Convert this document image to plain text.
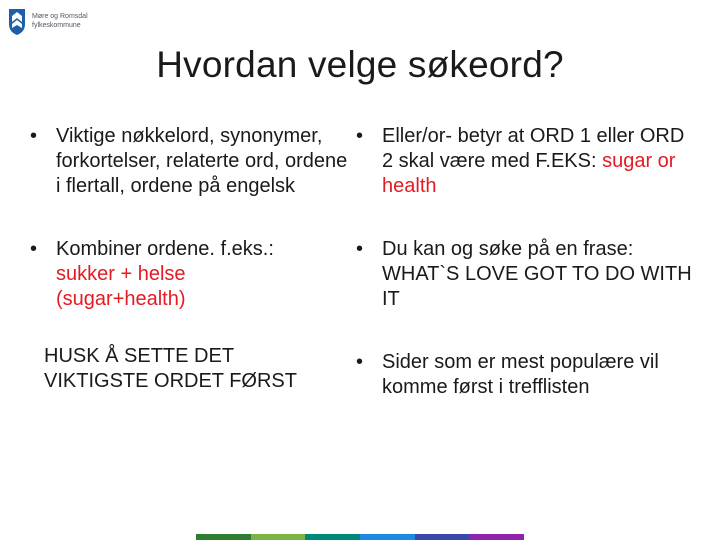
Møre og Romsdal
fylkeskommune
Hvordan velge søkeord?
•
Viktige nøkkelord, synonymer, forkortelser, relaterte ord, ordene i flertall, ordene på engelsk
•
Kombiner ordene. f.eks.:
sukker + helse
(sugar+health)
HUSK Å SETTE DET
VIKTIGSTE ORDET FØRST
•
Eller/or- betyr at ORD 1 eller ORD 2 skal være med F.EKS: sugar or health
•
Du kan og søke på en frase: WHAT`S LOVE GOT TO DO WITH IT
•
Sider som er mest populære vil komme først i trefflisten
